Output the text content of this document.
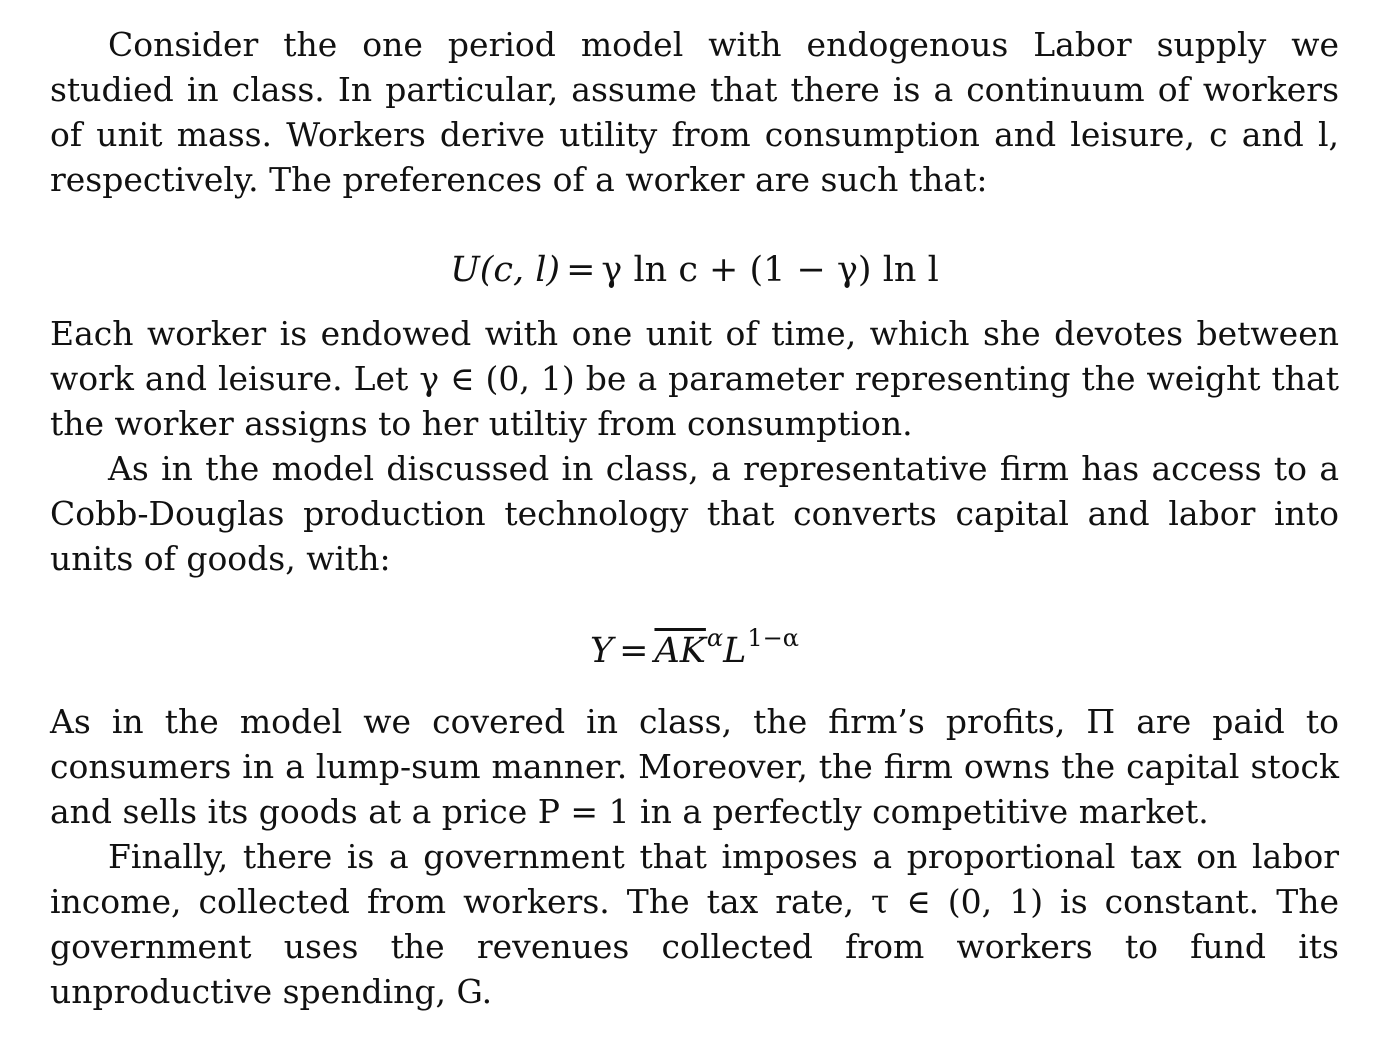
Consider the one period model with endogenous Labor supply we studied in class. In particular, assume that there is a continuum of workers of unit mass. Workers derive utility from consumption and leisure, c and l, respectively. The preferences of a worker are such that:

U(c, l) = γ ln c + (1 − γ) ln l

Each worker is endowed with one unit of time, which she devotes between work and leisure. Let γ ∈ (0, 1) be a parameter representing the weight that the worker assigns to her utiltiy from consumption.

As in the model discussed in class, a representative firm has access to a Cobb-Douglas production technology that converts capital and labor into units of goods, with:

$Y = \overline{AK}^\alpha L^{1-\alpha}$

As in the model we covered in class, the firm’s profits, Π are paid to consumers in a lump-sum manner. Moreover, the firm owns the capital stock and sells its goods at a price P = 1 in a perfectly competitive market.

Finally, there is a government that imposes a proportional tax on labor income, collected from workers. The tax rate, τ ∈ (0, 1) is constant. The government uses the revenues collected from workers to fund its unproductive spending, G.
